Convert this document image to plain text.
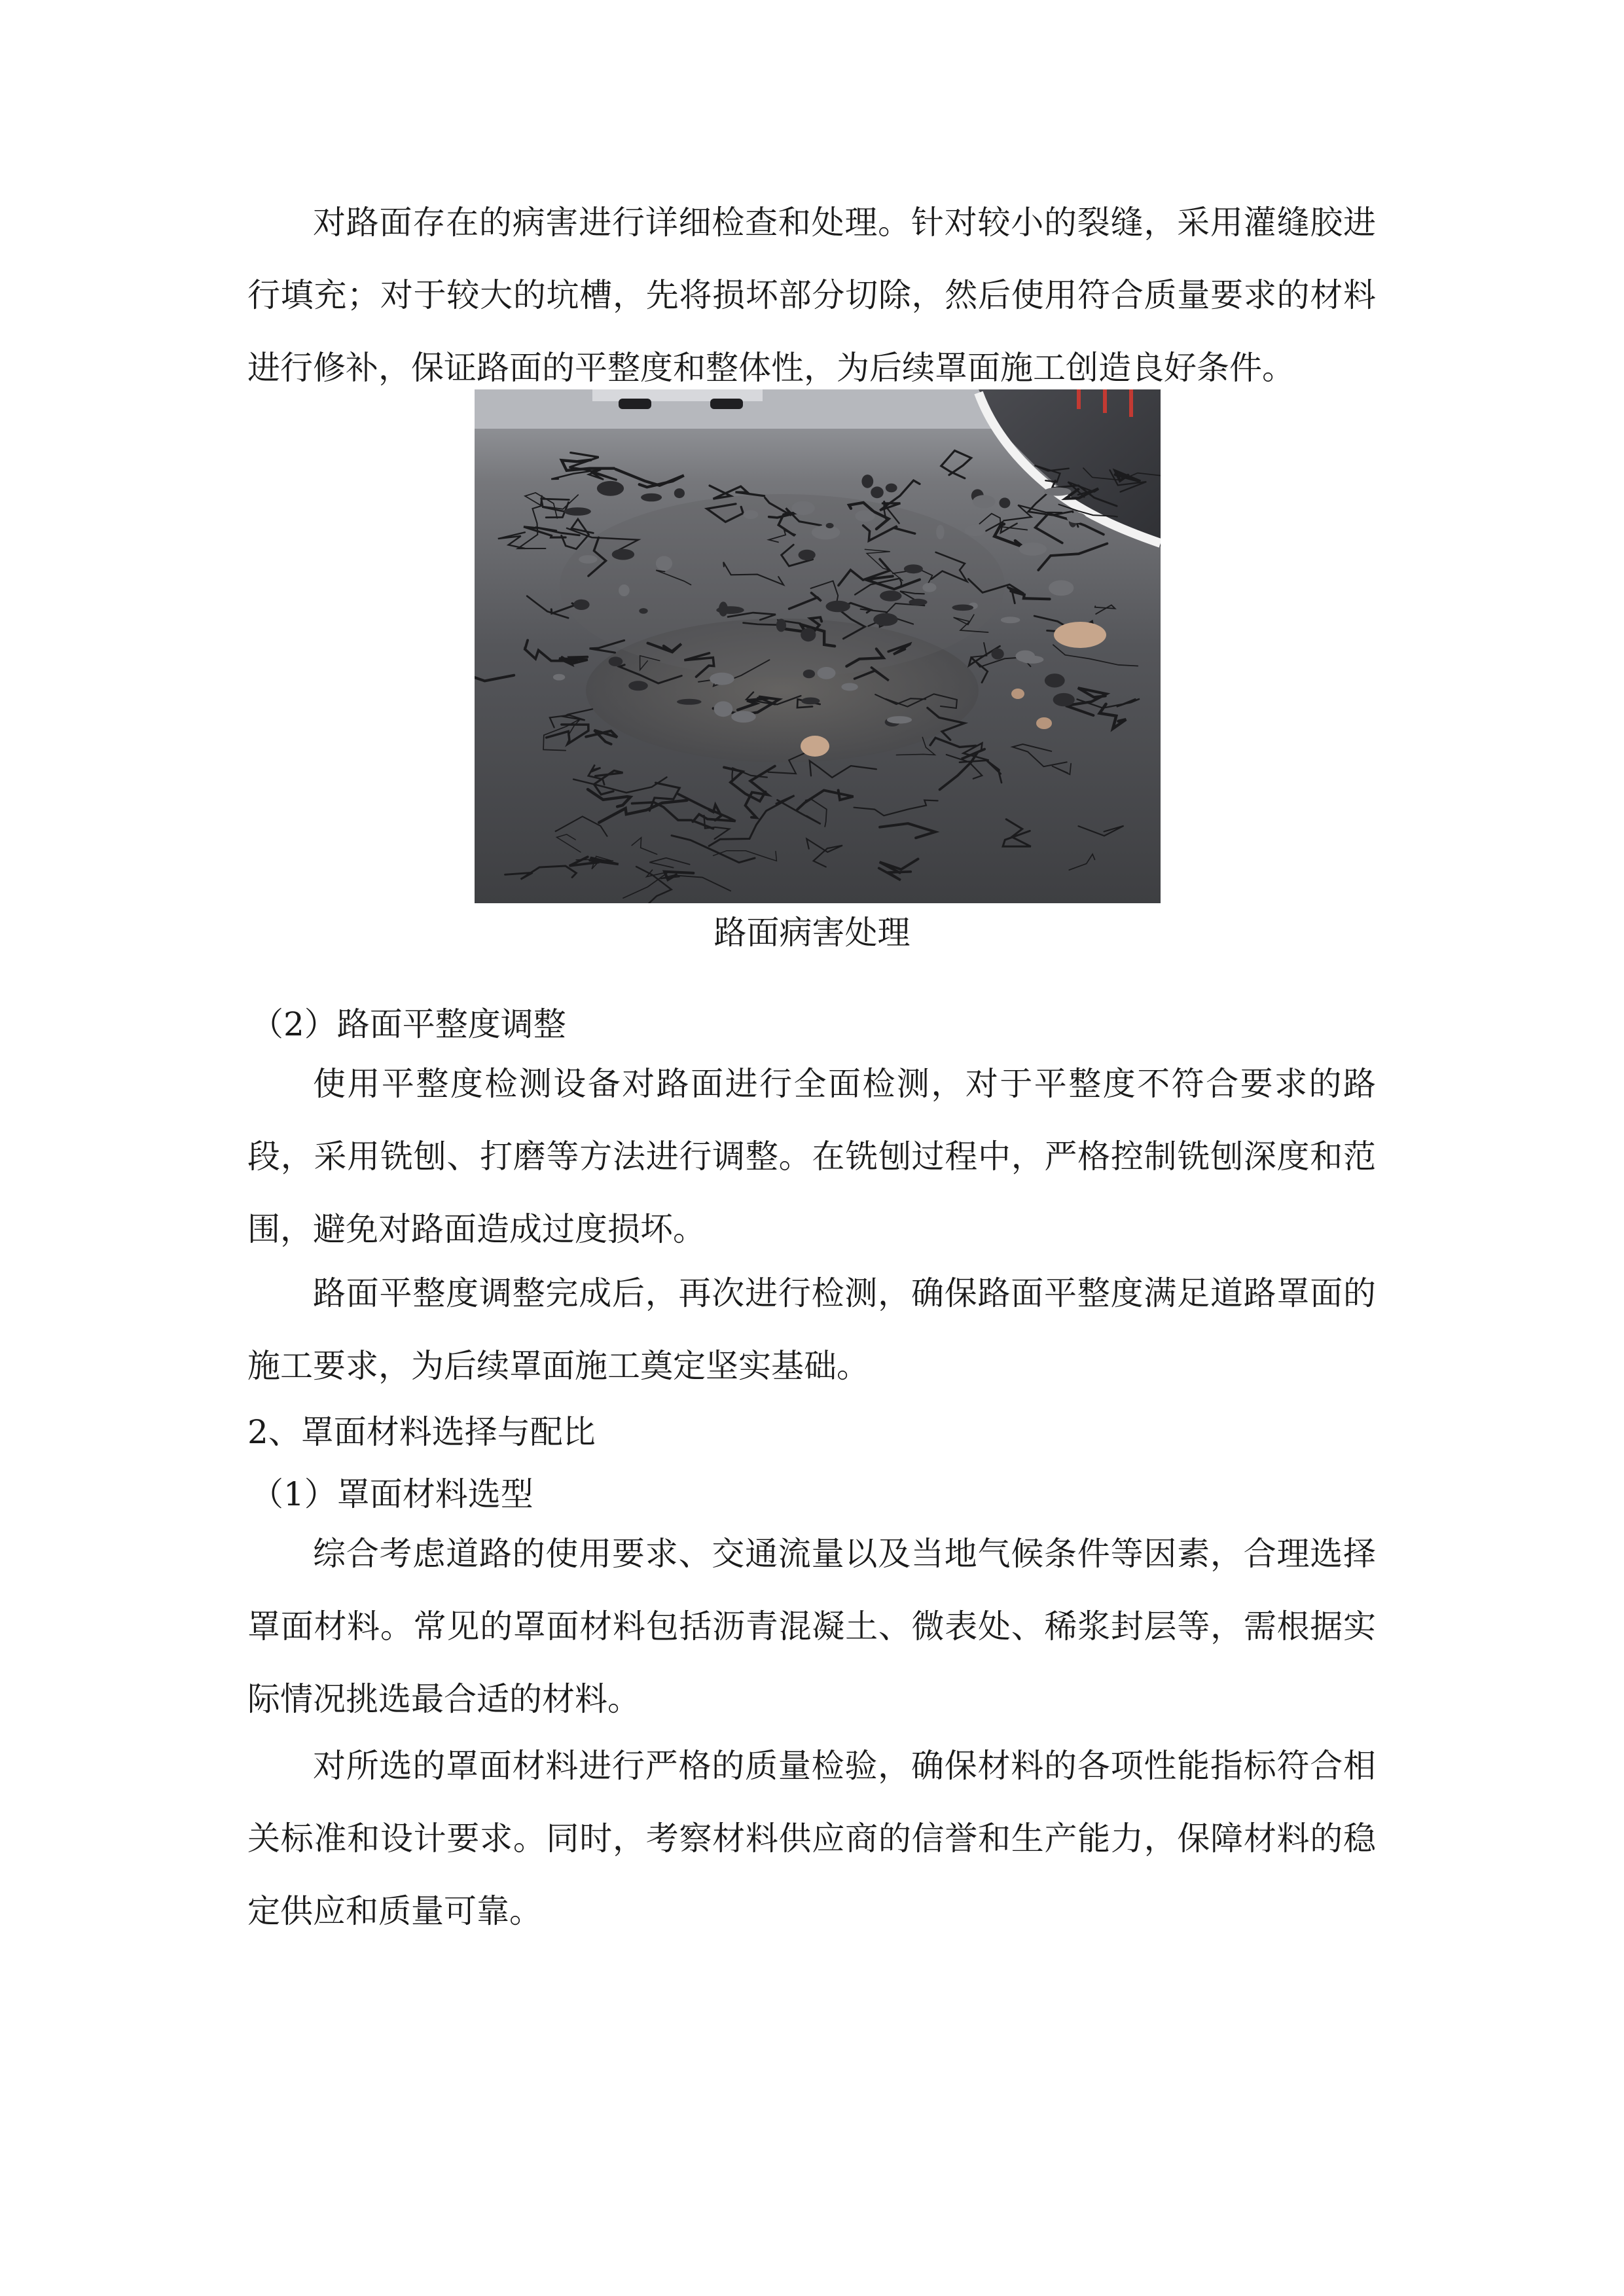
对路面存在的病害进行详细检查和处理。针对较小的裂缝，采用灌缝胶进行填充；对于较大的坑槽，先将损坏部分切除，然后使用符合质量要求的材料进行修补，保证路面的平整度和整体性，为后续罩面施工创造良好条件。

路面病害处理

（2）路面平整度调整

使用平整度检测设备对路面进行全面检测，对于平整度不符合要求的路段，采用铣刨、打磨等方法进行调整。在铣刨过程中，严格控制铣刨深度和范围，避免对路面造成过度损坏。

路面平整度调整完成后，再次进行检测，确保路面平整度满足道路罩面的施工要求，为后续罩面施工奠定坚实基础。

2、罩面材料选择与配比

（1）罩面材料选型

综合考虑道路的使用要求、交通流量以及当地气候条件等因素，合理选择罩面材料。常见的罩面材料包括沥青混凝土、微表处、稀浆封层等，需根据实际情况挑选最合适的材料。

对所选的罩面材料进行严格的质量检验，确保材料的各项性能指标符合相关标准和设计要求。同时，考察材料供应商的信誉和生产能力，保障材料的稳定供应和质量可靠。
